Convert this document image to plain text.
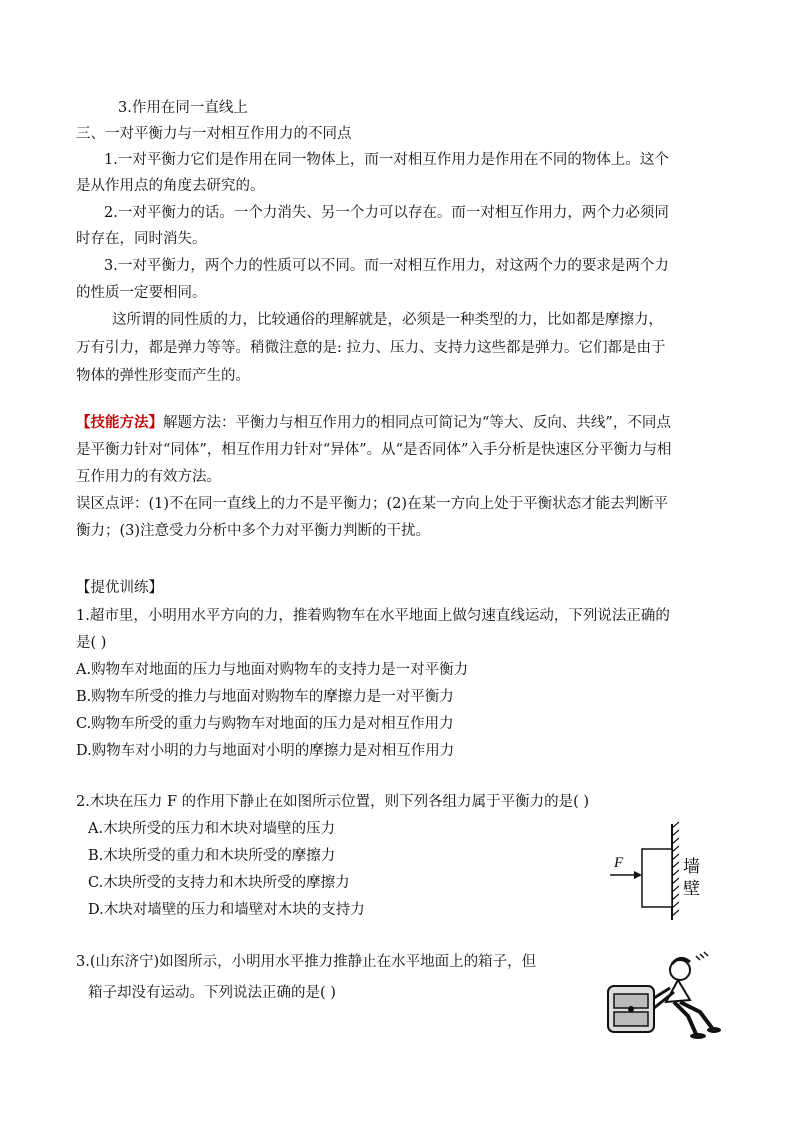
3.作用在同一直线上
三、一对平衡力与一对相互作用力的不同点
1.一对平衡力它们是作用在同一物体上，而一对相互作用力是作用在不同的物体上。这个
是从作用点的角度去研究的。
2.一对平衡力的话。一个力消失、另一个力可以存在。而一对相互作用力，两个力必须同
时存在，同时消失。
3.一对平衡力，两个力的性质可以不同。而一对相互作用力，对这两个力的要求是两个力
的性质一定要相同。
这所谓的同性质的力，比较通俗的理解就是，必须是一种类型的力，比如都是摩擦力，
万有引力，都是弹力等等。稍微注意的是: 拉力、压力、支持力这些都是弹力。它们都是由于
物体的弹性形变而产生的。
【技能方法】解题方法：平衡力与相互作用力的相同点可简记为“等大、反向、共线”，不同点
是平衡力针对“同体”，相互作用力针对“异体”。从“是否同体”入手分析是快速区分平衡力与相
互作用力的有效方法。
误区点评：(1)不在同一直线上的力不是平衡力；(2)在某一方向上处于平衡状态才能去判断平
衡力；(3)注意受力分析中多个力对平衡力判断的干扰。
【提优训练】
1.超市里，小明用水平方向的力，推着购物车在水平地面上做匀速直线运动，下列说法正确的
是( )
A.购物车对地面的压力与地面对购物车的支持力是一对平衡力
B.购物车所受的推力与地面对购物车的摩擦力是一对平衡力
C.购物车所受的重力与购物车对地面的压力是对相互作用力
D.购物车对小明的力与地面对小明的摩擦力是对相互作用力
2.木块在压力 F 的作用下静止在如图所示位置，则下列各组力属于平衡力的是( )
A.木块所受的压力和木块对墙壁的压力
B.木块所受的重力和木块所受的摩擦力
C.木块所受的支持力和木块所受的摩擦力
D.木块对墙壁的压力和墙壁对木块的支持力
3.(山东济宁)如图所示，小明用水平推力推静止在水平地面上的箱子，但
箱子却没有运动。下列说法正确的是( )
F	墙
壁
